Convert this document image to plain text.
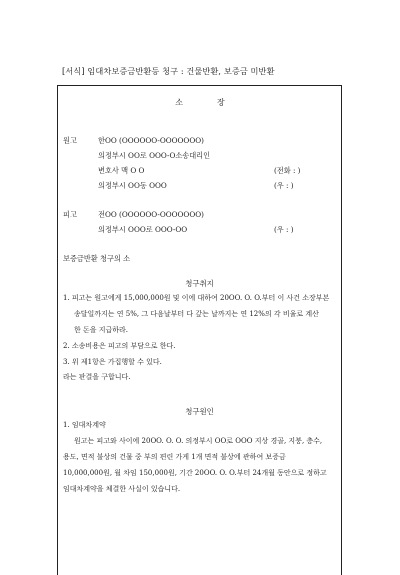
[서식] 임대차보증금반환등 청구 : 건물반환, 보증금 미반환
소	장
원고	한OO (OOOOOO-OOOOOOO)
의정부시 OO로 OOO-O소송대리인
변호사 맥 O O	(전화 : )
의정부시 OO동 OOO	(우 : )
피고	전OO (OOOOOO-OOOOOOO)
의정부시 OOO로 OOO-OO	(우 : )
보증금반환 청구의 소
청구취지
1. 피고는 원고에게 15,000,000원 및 이에 대하여 20OO. O. O.부터 이 사건 소장부본
송달일까지는 연 5%, 그 다음날부터 다 갚는 날까지는 연 12%의 각 비율로 계산
한 돈을 지급하라.
2. 소송비용은 피고의 부담으로 한다.
3. 위 제1항은 가집행할 수 있다.
라는 판결을 구합니다.
청구원인
1. 임대차계약
원고는 피고와 사이에 20OO. O. O. 의정부시 OO로 OOO 지상 경골, 지붕, 층수,
용도, 면적 불상의 건물 중 부의 편린 가게 1개 면적 불상에 관하여 보증금
10,000,000원, 월 차임 150,000원, 기간 20OO. O. O.부터 24개월 동안으로 정하고
임대차계약을 체결한 사실이 있습니다.
